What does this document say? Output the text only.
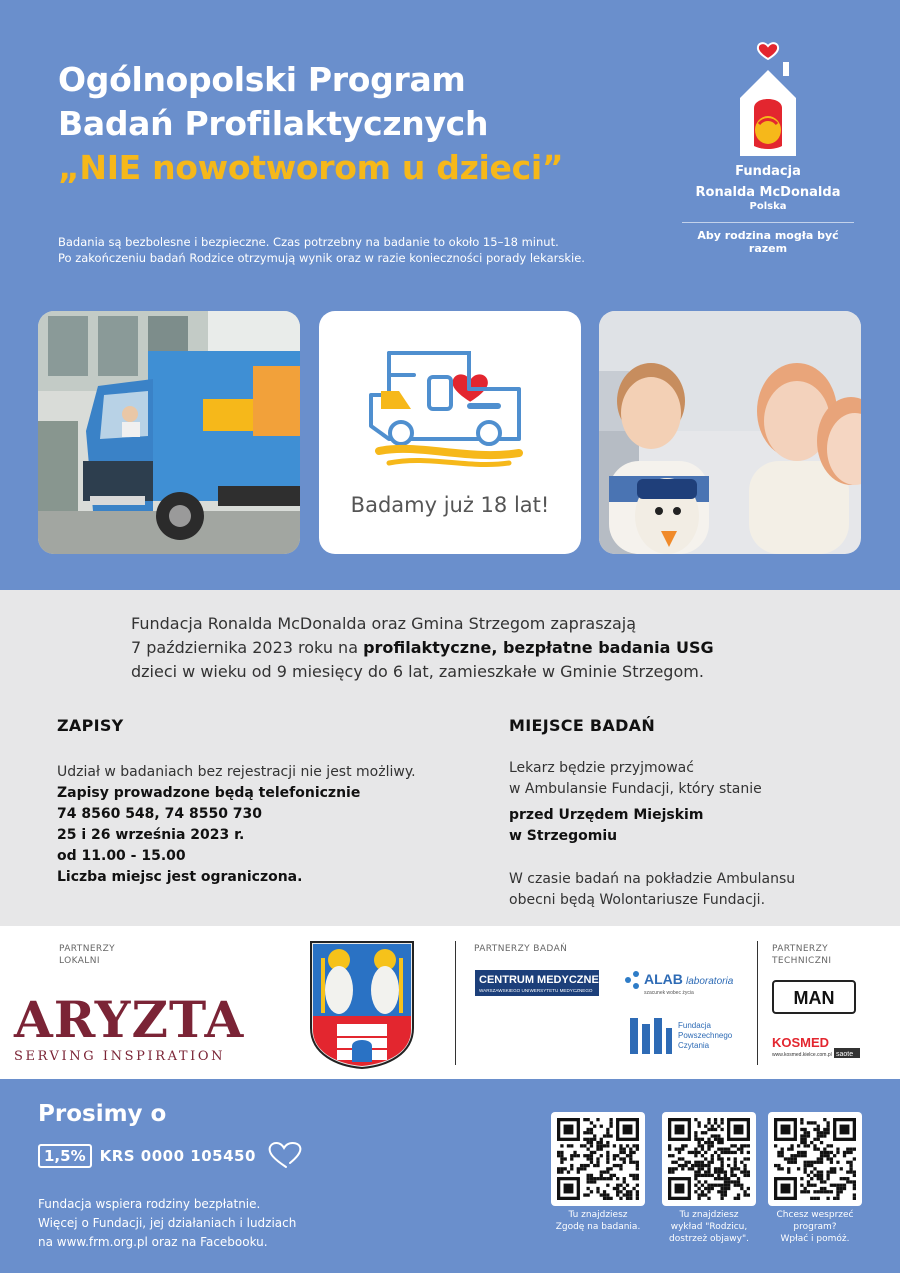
Ogólnopolski Program
Badań Profilaktycznych
„NIE nowotworom u dzieci”
Badania są bezbolesne i bezpieczne. Czas potrzebny na badanie to około 15–18 minut.
Po zakończeniu badań Rodzice otrzymują wynik oraz w razie konieczności porady lekarskie.
Fundacja
Ronalda McDonalda
Polska
Aby rodzina mogła być razem
Badamy już 18 lat!
Fundacja Ronalda McDonalda oraz Gmina Strzegom zapraszają
7 października 2023 roku na profilaktyczne, bezpłatne badania USG
dzieci w wieku od 9 miesięcy do 6 lat, zamieszkałe w Gminie Strzegom.
ZAPISY	MIEJSCE BADAŃ
Udział w badaniach bez rejestracji nie jest możliwy.
Zapisy prowadzone będą telefonicznie
74 8560 548, 74 8550 730
25 i 26 września 2023 r.
od 11.00 - 15.00
Liczba miejsc jest ograniczona.
Lekarz będzie przyjmować
w Ambulansie Fundacji, który stanie
przed Urzędem Miejskim
w Strzegomiu
W czasie badań na pokładzie Ambulansu
obecni będą Wolontariusze Fundacji.
PARTNERZY
LOKALNI
ARYZTA
SERVING INSPIRATION
PARTNERZY BADAŃ
CENTRUM MEDYCZNE
WARSZAWSKIEGO UNIWERSYTETU MEDYCZNEGO
ALAB laboratoria
szacunek wobec życia
Fundacja
Powszechnego
Czytania
PARTNERZY
TECHNICZNI
MAN
KOSMED
www.kosmed.kielce.com.pl saote
Prosimy o
1,5% KRS 0000 105450
Fundacja wspiera rodziny bezpłatnie.
Więcej o Fundacji, jej działaniach i ludziach
na www.frm.org.pl oraz na Facebooku.
Tu znajdziesz
Zgodę na badania.
Tu znajdziesz
wykład "Rodzicu,
dostrzeż objawy".
Chcesz wesprzeć
program?
Wpłać i pomóż.
